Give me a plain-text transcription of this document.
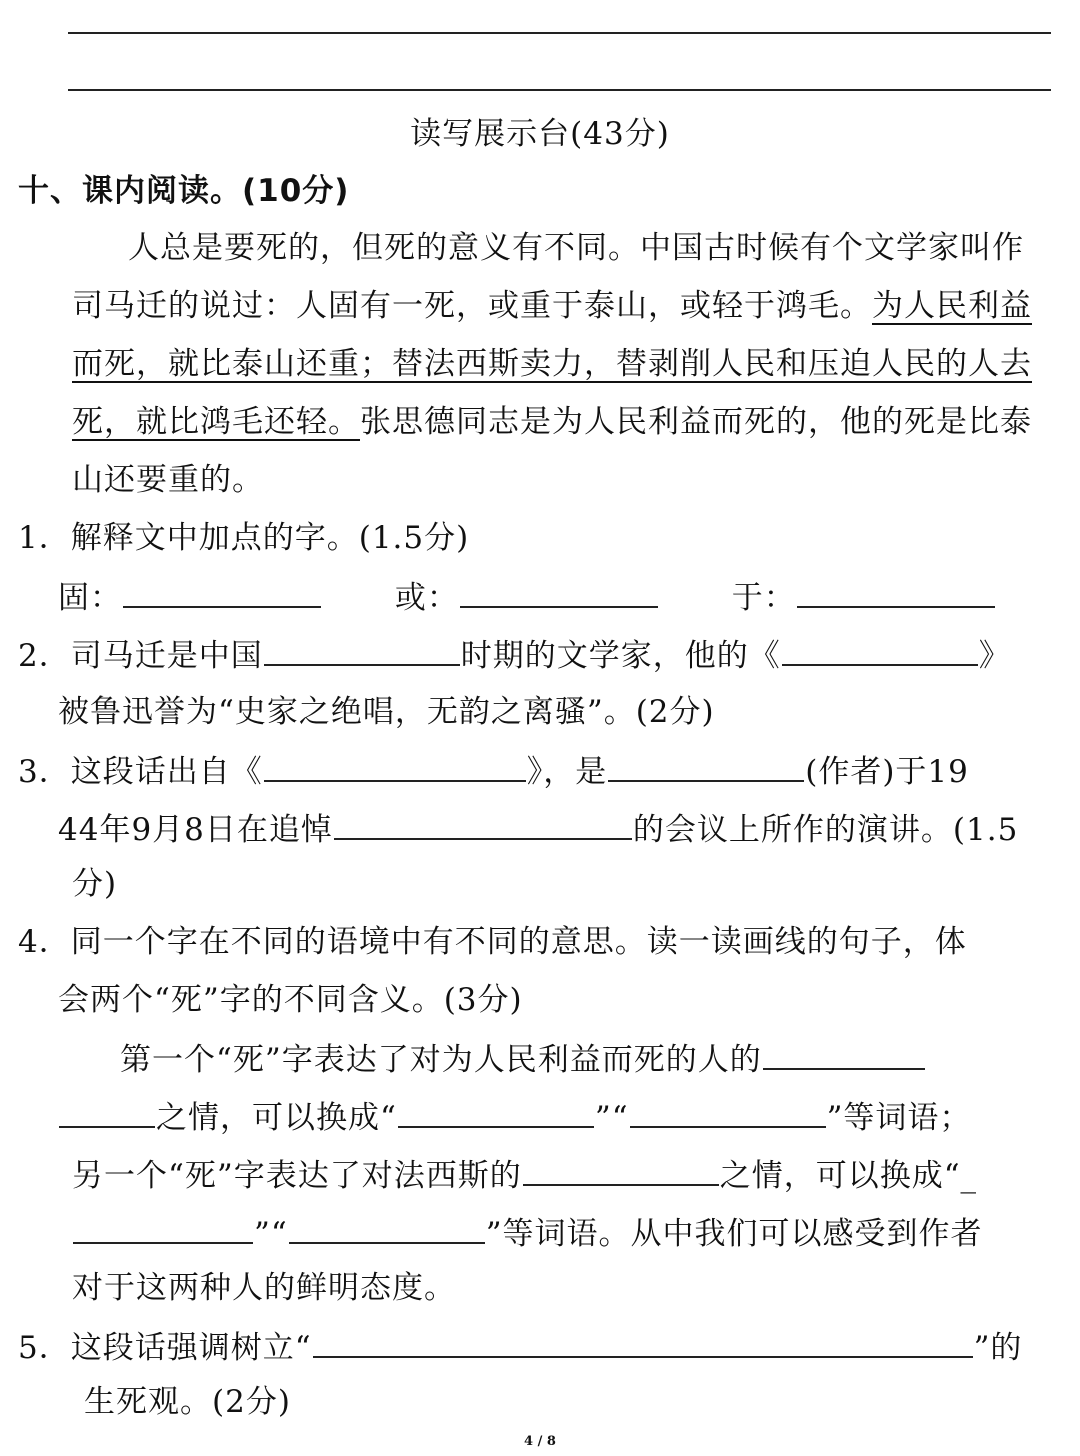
读写展示台(43分)
十、课内阅读。(10分)
人总是要死的，但死的意义有不同。中国古时候有个文学家叫作
司马迁的说过：人固有一死，或重于泰山，或轻于鸿毛。为人民利益
而死，就比泰山还重；替法西斯卖力，替剥削人民和压迫人民的人去
死，就比鸿毛还轻。张思德同志是为人民利益而死的，他的死是比泰
山还要重的。
1．解释文中加点的字。(1.5分)
固：	或：	于：
2．司马迁是中国	时期的文学家，他的《	》
被鲁迅誉为“史家之绝唱，无韵之离骚”。(2分)
3．这段话出自《	》，是	(作者)于19
44年9月8日在追悼	的会议上所作的演讲。(1.5
分)
4．同一个字在不同的语境中有不同的意思。读一读画线的句子，体
会两个“死”字的不同含义。(3分)
第一个“死”字表达了对为人民利益而死的人的
之情，可以换成“	”“	”等词语；
另一个“死”字表达了对法西斯的	之情，可以换成“_
”“	”等词语。从中我们可以感受到作者
对于这两种人的鲜明态度。
5．这段话强调树立“	”的
生死观。(2分)
4 / 8
